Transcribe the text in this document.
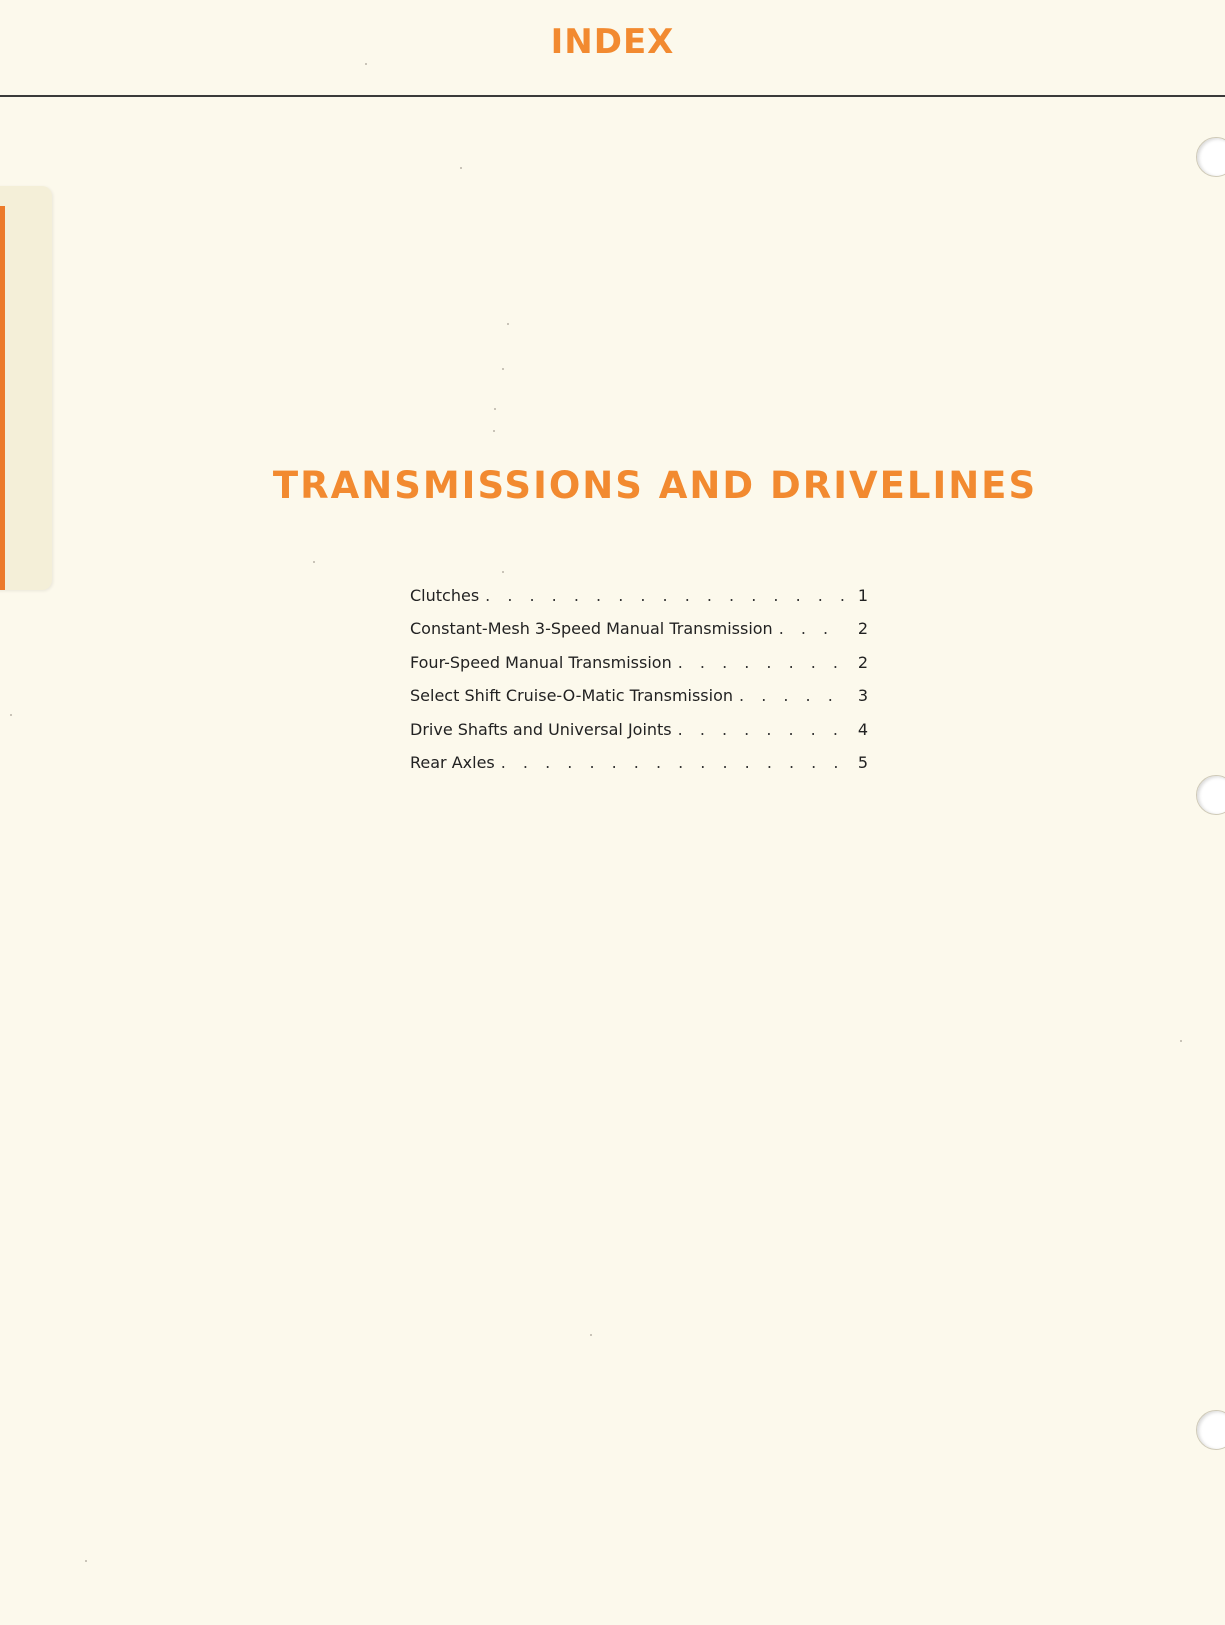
INDEX
TRANSMISSIONS AND DRIVELINES
Clutches . . .	1
Constant-Mesh 3-Speed Manual Transmission . . .	2
Four-Speed Manual Transmission . . .	2
Select Shift Cruise-O-Matic Transmission . . .	3
Drive Shafts and Universal Joints . . .	4
Rear Axles . . .	5
